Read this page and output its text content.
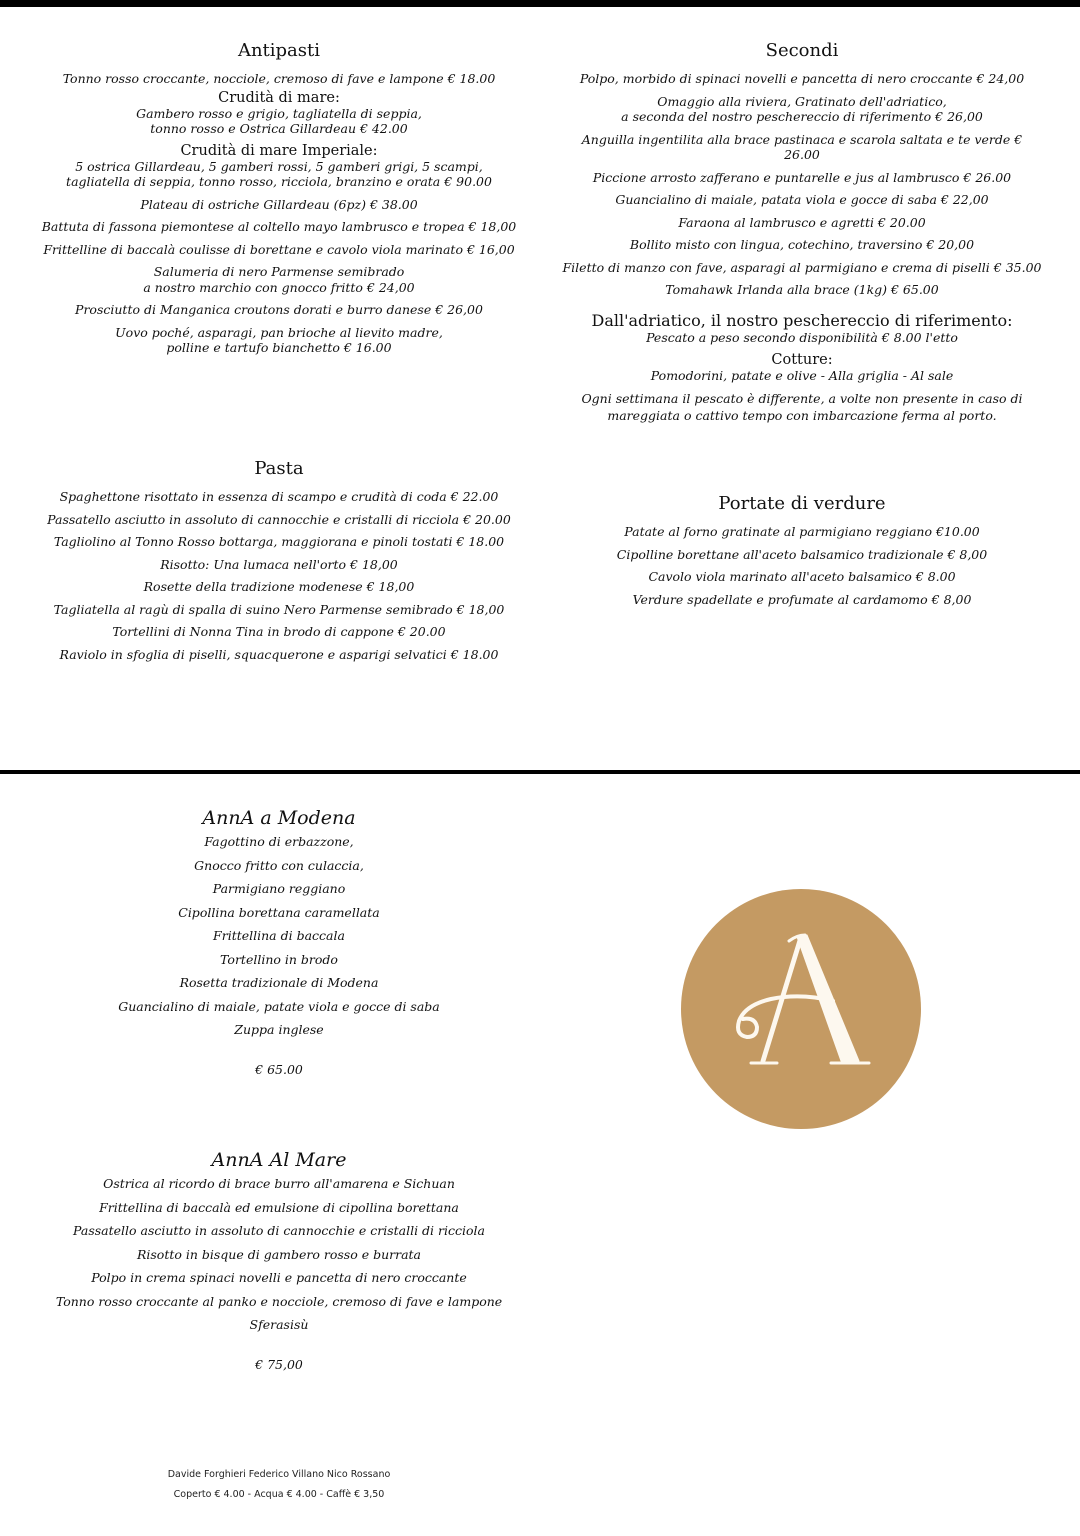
Antipasti
Tonno rosso croccante, nocciole, cremoso di fave e lampone € 18.00
Crudità di mare:
Gambero rosso e grigio, tagliatella di seppia,
tonno rosso e Ostrica Gillardeau € 42.00
Crudità di mare Imperiale:
5 ostrica Gillardeau, 5 gamberi rossi, 5 gamberi grigi, 5 scampi,
tagliatella di seppia, tonno rosso, ricciola, branzino e orata € 90.00
Plateau di ostriche Gillardeau (6pz) € 38.00
Battuta di fassona piemontese al coltello mayo lambrusco e tropea € 18,00
Frittelline di baccalà coulisse di borettane e cavolo viola marinato € 16,00
Salumeria di nero Parmense semibrado
a nostro marchio con gnocco fritto € 24,00
Prosciutto di Manganica croutons dorati e burro danese € 26,00
Uovo poché, asparagi, pan brioche al lievito madre,
polline e tartufo bianchetto € 16.00
Secondi
Polpo, morbido di spinaci novelli e pancetta di nero croccante € 24,00
Omaggio alla riviera, Gratinato dell'adriatico,
a seconda del nostro peschereccio di riferimento € 26,00
Anguilla ingentilita alla brace pastinaca e scarola saltata e te verde € 26.00
Piccione arrosto zafferano e puntarelle e jus al lambrusco € 26.00
Guancialino di maiale, patata viola e gocce di saba € 22,00
Faraona al lambrusco e agretti € 20.00
Bollito misto con lingua, cotechino, traversino € 20,00
Filetto di manzo con fave, asparagi al parmigiano e crema di piselli € 35.00
Tomahawk Irlanda alla brace (1kg) € 65.00
Dall'adriatico, il nostro peschereccio di riferimento:
Pescato a peso secondo disponibilità € 8.00 l'etto
Cotture:
Pomodorini, patate e olive - Alla griglia - Al sale
Ogni settimana il pescato è differente, a volte non presente in caso di
mareggiata o cattivo tempo con imbarcazione ferma al porto.
Pasta
Spaghettone risottato in essenza di scampo e crudità di coda € 22.00
Passatello asciutto in assoluto di cannocchie e cristalli di ricciola € 20.00
Tagliolino al Tonno Rosso bottarga, maggiorana e pinoli tostati € 18.00
Risotto: Una lumaca nell'orto € 18,00
Rosette della tradizione modenese € 18,00
Tagliatella al ragù di spalla di suino Nero Parmense semibrado € 18,00
Tortellini di Nonna Tina in brodo di cappone € 20.00
Raviolo in sfoglia di piselli, squacquerone e asparigi selvatici € 18.00
Portate di verdure
Patate al forno gratinate al parmigiano reggiano €10.00
Cipolline borettane all'aceto balsamico tradizionale € 8,00
Cavolo viola marinato all'aceto balsamico € 8.00
Verdure spadellate e profumate al cardamomo € 8,00
AnnA a Modena
Fagottino di erbazzone,
Gnocco fritto con culaccia,
Parmigiano reggiano
Cipollina borettana caramellata
Frittellina di baccala
Tortellino in brodo
Rosetta tradizionale di Modena
Guancialino di maiale, patate viola e gocce di saba
Zuppa inglese
€ 65.00
AnnA Al Mare
Ostrica al ricordo di brace burro all'amarena e Sichuan
Frittellina di baccalà ed emulsione di cipollina borettana
Passatello asciutto in assoluto di cannocchie e cristalli di ricciola
Risotto in bisque di gambero rosso e burrata
Polpo in crema spinaci novelli e pancetta di nero croccante
Tonno rosso croccante al panko e nocciole, cremoso di fave e lampone
Sferasisù
€ 75,00
Davide Forghieri Federico Villano Nico Rossano
Coperto € 4.00 - Acqua € 4.00 - Caffè € 3,50
